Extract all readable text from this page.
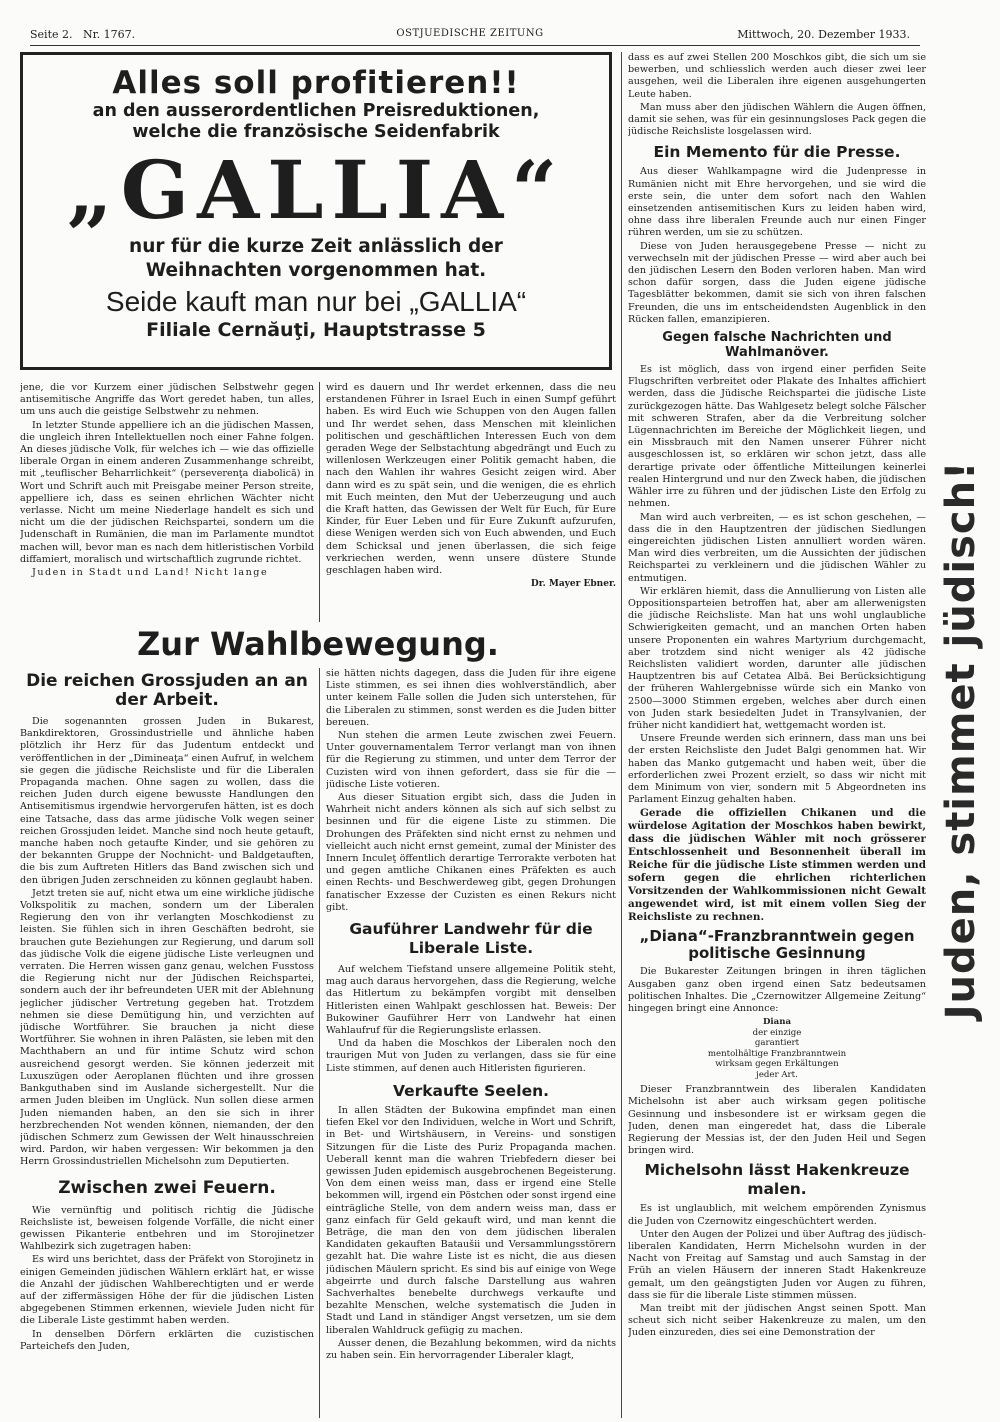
Seite 2. Nr. 1767.	OSTJUEDISCHE ZEITUNG	Mittwoch, 20. Dezember 1933.
Alles soll profitieren!!
an den ausserordentlichen Preisreduktionen,
welche die französische Seidenfabrik
„GALLIA“
nur für die kurze Zeit anlässlich der
Weihnachten vorgenommen hat.
Seide kauft man nur bei „GALLIA“
Filiale Cernăuţi, Hauptstrasse 5
Juden, stimmet jüdisch!

jene, die vor Kurzem einer jüdischen Selbstwehr gegen antisemitische Angriffe das Wort geredet haben, tun alles, um uns auch die geistige Selbstwehr zu nehmen.

In letzter Stunde appelliere ich an die jüdischen Massen, die ungleich ihren Intellektuellen noch einer Fahne folgen. An dieses jüdische Volk, für welches ich — wie das offizielle liberale Organ in einem anderen Zusammenhange schreibt, mit „teuflischer Beharrlichkeit“ (perseverenţa diabolică) in Wort und Schrift auch mit Preisgabe meiner Person streite, appelliere ich, dass es seinen ehrlichen Wächter nicht verlasse. Nicht um meine Niederlage handelt es sich und nicht um die der jüdischen Reichspartei, sondern um die Judenschaft in Rumänien, die man im Parlamente mundtot machen will, bevor man es nach dem hitleristischen Vorbild diffamiert, moralisch und wirtschaftlich zugrunde richtet.

Juden in Stadt und Land! Nicht lange

wird es dauern und Ihr werdet erkennen, dass die neu erstandenen Führer in Israel Euch in einen Sumpf geführt haben. Es wird Euch wie Schuppen von den Augen fallen und Ihr werdet sehen, dass Menschen mit kleinlichen politischen und geschäftlichen Interessen Euch von dem geraden Wege der Selbstachtung abgedrängt und Euch zu willenlosen Werkzeugen einer Politik gemacht haben, die nach den Wahlen ihr wahres Gesicht zeigen wird. Aber dann wird es zu spät sein, und die wenigen, die es ehrlich mit Euch meinten, den Mut der Ueberzeugung und auch die Kraft hatten, das Gewissen der Welt für Euch, für Eure Kinder, für Euer Leben und für Eure Zukunft aufzurufen, diese Wenigen werden sich von Euch abwenden, und Euch dem Schicksal und jenen überlassen, die sich feige verkriechen werden, wenn unsere düstere Stunde geschlagen haben wird.

Dr. Mayer Ebner.
Zur Wahlbewegung.
Die reichen Grossjuden an an der Arbeit.

Die sogenannten grossen Juden in Bukarest, Bankdirektoren, Grossindustrielle und ähnliche haben plötzlich ihr Herz für das Judentum entdeckt und veröffentlichen in der „Dimineaţa“ einen Aufruf, in welchem sie gegen die jüdische Reichsliste und für die Liberalen Propaganda machen. Ohne sagen zu wollen, dass die reichen Juden durch eigene bewusste Handlungen den Antisemitismus irgendwie hervorgerufen hätten, ist es doch eine Tatsache, dass das arme jüdische Volk wegen seiner reichen Grossjuden leidet. Manche sind noch heute getauft, manche haben noch getaufte Kinder, und sie gehören zu der bekannten Gruppe der Nochnicht- und Baldgetauften, die bis zum Auftreten Hitlers das Band zwischen sich und den übrigen Juden zerschneiden zu können geglaubt haben.

Jetzt treten sie auf, nicht etwa um eine wirkliche jüdische Volkspolitik zu machen, sondern um der Liberalen Regierung den von ihr verlangten Moschkodienst zu leisten. Sie fühlen sich in ihren Geschäften bedroht, sie brauchen gute Beziehungen zur Regierung, und darum soll das jüdische Volk die eigene jüdische Liste verleugnen und verraten. Die Herren wissen ganz genau, welchen Fusstoss die Regierung nicht nur der Jüdischen Reichspartei, sondern auch der ihr befreundeten UER mit der Ablehnung jeglicher jüdischer Vertretung gegeben hat. Trotzdem nehmen sie diese Demütigung hin, und verzichten auf jüdische Wortführer. Sie brauchen ja nicht diese Wortführer. Sie wohnen in ihren Palästen, sie leben mit den Machthabern an und für intime Schutz wird schon ausreichend gesorgt werden. Sie können jederzeit mit Luxuszügen oder Aeroplanen flüchten und ihre grossen Bankguthaben sind im Auslande sichergestellt. Nur die armen Juden bleiben im Unglück. Nun sollen diese armen Juden niemanden haben, an den sie sich in ihrer herzbrechenden Not wenden können, niemanden, der den jüdischen Schmerz zum Gewissen der Welt hinausschreien wird. Pardon, wir haben vergessen: Wir bekommen ja den Herrn Grossindustriellen Michelsohn zum Deputierten.

Zwischen zwei Feuern.

Wie vernünftig und politisch richtig die Jüdische Reichsliste ist, beweisen folgende Vorfälle, die nicht einer gewissen Pikanterie entbehren und im Storojinetzer Wahlbezirk sich zugetragen haben:

Es wird uns berichtet, dass der Präfekt von Storojinetz in einigen Gemeinden jüdischen Wählern erklärt hat, er wisse die Anzahl der jüdischen Wahlberechtigten und er werde auf der ziffermässigen Höhe der für die jüdischen Listen abgegebenen Stimmen erkennen, wieviele Juden nicht für die Liberale Liste gestimmt haben werden.

In denselben Dörfern erklärten die cuzistischen Parteichefs den Juden,

sie hätten nichts dagegen, dass die Juden für ihre eigene Liste stimmen, es sei ihnen dies wohlverständlich, aber unter keinem Falle sollen die Juden sich unterstehen, für die Liberalen zu stimmen, sonst werden es die Juden bitter bereuen.

Nun stehen die armen Leute zwischen zwei Feuern. Unter gouvernamentalem Terror verlangt man von ihnen für die Regierung zu stimmen, und unter dem Terror der Cuzisten wird von ihnen gefordert, dass sie für die — jüdische Liste votieren.

Aus dieser Situation ergibt sich, dass die Juden in Wahrheit nicht anders können als sich auf sich selbst zu besinnen und für die eigene Liste zu stimmen. Die Drohungen des Präfekten sind nicht ernst zu nehmen und vielleicht auch nicht ernst gemeint, zumal der Minister des Innern Inculeţ öffentlich derartige Terrorakte verboten hat und gegen amtliche Chikanen eines Präfekten es auch einen Rechts- und Beschwerdeweg gibt, gegen Drohungen fanatischer Exzesse der Cuzisten es einen Rekurs nicht gibt.

Gauführer Landwehr für die Liberale Liste.

Auf welchem Tiefstand unsere allgemeine Politik steht, mag auch daraus hervorgehen, dass die Regierung, welche das Hitlertum zu bekämpfen vorgibt mit denselben Hitleristen einen Wahlpakt geschlossen hat. Beweis: Der Bukowiner Gauführer Herr von Landwehr hat einen Wahlaufruf für die Regierungsliste erlassen.

Und da haben die Moschkos der Liberalen noch den traurigen Mut von Juden zu verlangen, dass sie für eine Liste stimmen, auf denen auch Hitleristen figurieren.

Verkaufte Seelen.

In allen Städten der Bukowina empfindet man einen tiefen Ekel vor den Individuen, welche in Wort und Schrift, in Bet- und Wirtshäusern, in Vereins- und sonstigen Sitzungen für die Liste des Puriz Propaganda machen. Ueberall kennt man die wahren Triebfedern dieser bei gewissen Juden epidemisch ausgebrochenen Begeisterung. Von dem einen weiss man, dass er irgend eine Stelle bekommen will, irgend ein Pöstchen oder sonst irgend eine einträgliche Stelle, von dem andern weiss man, dass er ganz einfach für Geld gekauft wird, und man kennt die Beträge, die man den von dem jüdischen liberalen Kandidaten gekauften Bataušii und Versammlungsstörern gezahlt hat. Die wahre Liste ist es nicht, die aus diesen jüdischen Mäulern spricht. Es sind bis auf einige von Wege abgeirrte und durch falsche Darstellung aus wahren Sachverhaltes benebelte durchwegs verkaufte und bezahlte Menschen, welche systematisch die Juden in Stadt und Land in ständiger Angst versetzen, um sie dem liberalen Wahldruck gefügig zu machen.

Ausser denen, die Bezahlung bekommen, wird da nichts zu haben sein. Ein hervorragender Liberaler klagt,

dass es auf zwei Stellen 200 Moschkos gibt, die sich um sie bewerben, und schliesslich werden auch dieser zwei leer ausgehen, weil die Liberalen ihre eigenen ausgehungerten Leute haben.

Man muss aber den jüdischen Wählern die Augen öffnen, damit sie sehen, was für ein gesinnungsloses Pack gegen die jüdische Reichsliste losgelassen wird.

Ein Memento für die Presse.

Aus dieser Wahlkampagne wird die Judenpresse in Rumänien nicht mit Ehre hervorgehen, und sie wird die erste sein, die unter dem sofort nach den Wahlen einsetzenden antisemitischen Kurs zu leiden haben wird, ohne dass ihre liberalen Freunde auch nur einen Finger rühren werden, um sie zu schützen.

Diese von Juden herausgegebene Presse — nicht zu verwechseln mit der jüdischen Presse — wird aber auch bei den jüdischen Lesern den Boden verloren haben. Man wird schon dafür sorgen, dass die Juden eigene jüdische Tagesblätter bekommen, damit sie sich von ihren falschen Freunden, die uns im entscheidendsten Augenblick in den Rücken fallen, emanzipieren.

Gegen falsche Nachrichten und Wahlmanöver.

Es ist möglich, dass von irgend einer perfiden Seite Flugschriften verbreitet oder Plakate des Inhaltes affichiert werden, dass die Jüdische Reichspartei die jüdische Liste zurückgezogen hätte. Das Wahlgesetz belegt solche Fälscher mit schweren Strafen, aber da die Verbreitung solcher Lügennachrichten im Bereiche der Möglichkeit liegen, und ein Missbrauch mit den Namen unserer Führer nicht ausgeschlossen ist, so erklären wir schon jetzt, dass alle derartige private oder öffentliche Mitteilungen keinerlei realen Hintergrund und nur den Zweck haben, die jüdischen Wähler irre zu führen und der jüdischen Liste den Erfolg zu nehmen.

Man wird auch verbreiten, — es ist schon geschehen, — dass die in den Hauptzentren der jüdischen Siedlungen eingereichten jüdischen Listen annulliert worden wären. Man wird dies verbreiten, um die Aussichten der jüdischen Reichspartei zu verkleinern und die jüdischen Wähler zu entmutigen.

Wir erklären hiemit, dass die Annullierung von Listen alle Oppositionsparteien betroffen hat, aber am allerwenigsten die jüdische Reichsliste. Man hat uns wohl unglaubliche Schwierigkeiten gemacht, und an manchen Orten haben unsere Proponenten ein wahres Martyrium durchgemacht, aber trotzdem sind nicht weniger als 42 jüdische Reichslisten validiert worden, darunter alle jüdischen Hauptzentren bis auf Cetatea Albă. Bei Berücksichtigung der früheren Wahlergebnisse würde sich ein Manko von 2500—3000 Stimmen ergeben, welches aber durch einen von Juden stark besiedelten Judet in Transylvanien, der früher nicht kandidiert hat, wettgemacht worden ist.

Unsere Freunde werden sich erinnern, dass man uns bei der ersten Reichsliste den Judet Balgi genommen hat. Wir haben das Manko gutgemacht und haben weit, über die erforderlichen zwei Prozent erzielt, so dass wir nicht mit dem Minimum von vier, sondern mit 5 Abgeordneten ins Parlament Einzug gehalten haben.

Gerade die offiziellen Chikanen und die würdelose Agitation der Moschkos haben bewirkt, dass die jüdischen Wähler mit noch grösserer Entschlossenheit und Besonnenheit überall im Reiche für die jüdische Liste stimmen werden und sofern gegen die ehrlichen richterlichen Vorsitzenden der Wahlkommissionen nicht Gewalt angewendet wird, ist mit einem vollen Sieg der Reichsliste zu rechnen.

„Diana“-Franzbranntwein gegen politische Gesinnung

Die Bukarester Zeitungen bringen in ihren täglichen Ausgaben ganz oben irgend einen Satz bedeutsamen politischen Inhaltes. Die „Czernowitzer Allgemeine Zeitung“ hingegen bringt eine Annonce:

Diana
der einzige
garantiert
mentolhältige Franzbranntwein
wirksam gegen Erkältungen
jeder Art.

Dieser Franzbranntwein des liberalen Kandidaten Michelsohn ist aber auch wirksam gegen politische Gesinnung und insbesondere ist er wirksam gegen die Juden, denen man eingeredet hat, dass die Liberale Regierung der Messias ist, der den Juden Heil und Segen bringen wird.

Michelsohn lässt Hakenkreuze malen.

Es ist unglaublich, mit welchem empörenden Zynismus die Juden von Czernowitz eingeschüchtert werden.

Unter den Augen der Polizei und über Auftrag des jüdisch-liberalen Kandidaten, Herrn Michelsohn wurden in der Nacht von Freitag auf Samstag und auch Samstag in der Früh an vielen Häusern der inneren Stadt Hakenkreuze gemalt, um den geängstigten Juden vor Augen zu führen, dass sie für die liberale Liste stimmen müssen.

Man treibt mit der jüdischen Angst seinen Spott. Man scheut sich nicht seiber Hakenkreuze zu malen, um den Juden einzureden, dies sei eine Demonstration der
